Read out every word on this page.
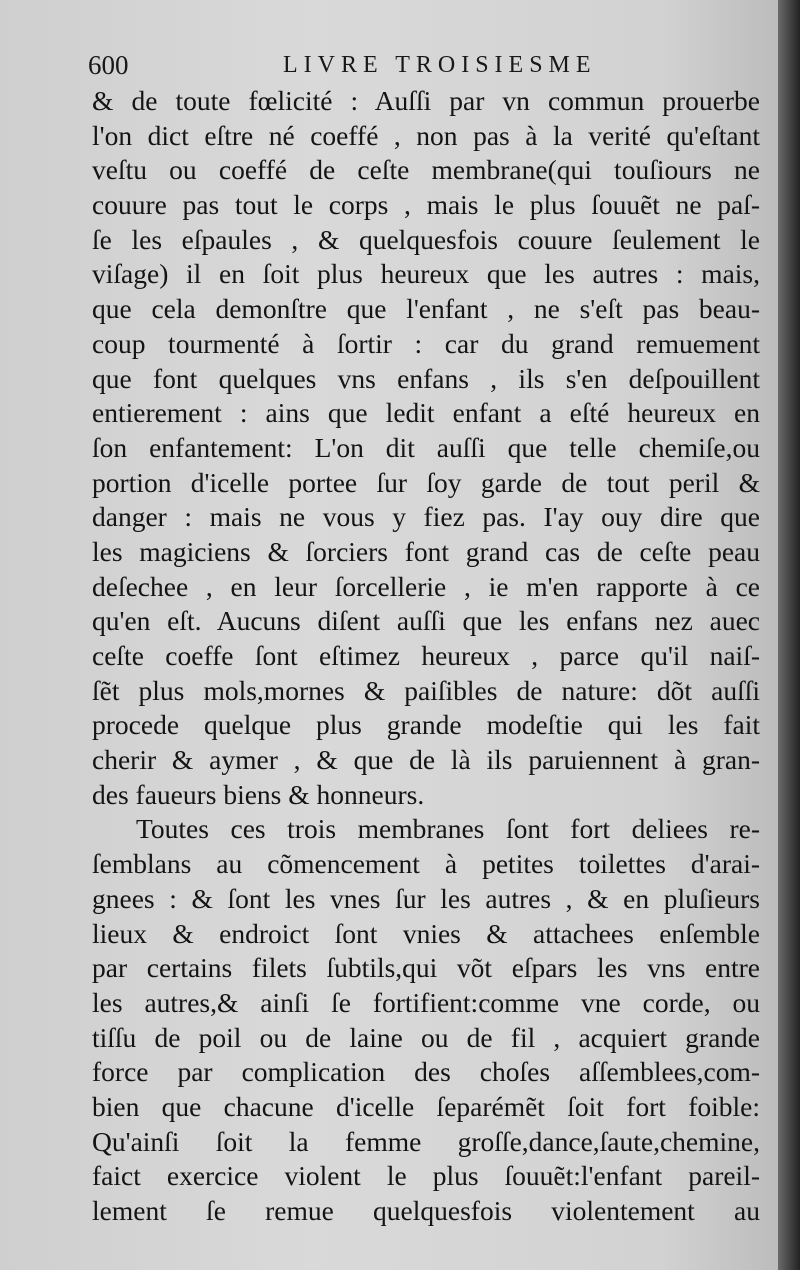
600	LIVRE TROISIESME
& de toute fœlicité : Auſſi par vn commun prouerbe
l'on dict eſtre né coeffé , non pas à la verité qu'eſtant
veſtu ou coeffé de ceſte membrane(qui touſiours ne
couure pas tout le corps , mais le plus ſouuẽt ne paſ-
ſe les eſpaules , & quelquesfois couure ſeulement le
viſage) il en ſoit plus heureux que les autres : mais,
que cela demonſtre que l'enfant , ne s'eſt pas beau-
coup tourmenté à ſortir : car du grand remuement
que font quelques vns enfans , ils s'en deſpouillent
entierement : ains que ledit enfant a eſté heureux en
ſon enfantement: L'on dit auſſi que telle chemiſe,ou
portion d'icelle portee ſur ſoy garde de tout peril &
danger : mais ne vous y fiez pas. I'ay ouy dire que
les magiciens & ſorciers font grand cas de ceſte peau
deſechee , en leur ſorcellerie , ie m'en rapporte à ce
qu'en eſt. Aucuns diſent auſſi que les enfans nez auec
ceſte coeffe ſont eſtimez heureux , parce qu'il naiſ-
ſẽt plus mols,mornes & paiſibles de nature: dõt auſſi
procede quelque plus grande modeſtie qui les fait
cherir & aymer , & que de là ils paruiennent à gran-
des faueurs biens & honneurs.
Toutes ces trois membranes ſont fort deliees re-
ſemblans au cõmencement à petites toilettes d'arai-
gnees : & ſont les vnes ſur les autres , & en pluſieurs
lieux & endroict ſont vnies & attachees enſemble
par certains filets ſubtils,qui võt eſpars les vns entre
les autres,& ainſi ſe fortifient:comme vne corde, ou
tiſſu de poil ou de laine ou de fil , acquiert grande
force par complication des choſes aſſemblees,com-
bien que chacune d'icelle ſeparémẽt ſoit fort foible:
Qu'ainſi ſoit la femme groſſe,dance,ſaute,chemine,
faict exercice violent le plus ſouuẽt:l'enfant pareil-
lement ſe remue quelquesfois violentement au
